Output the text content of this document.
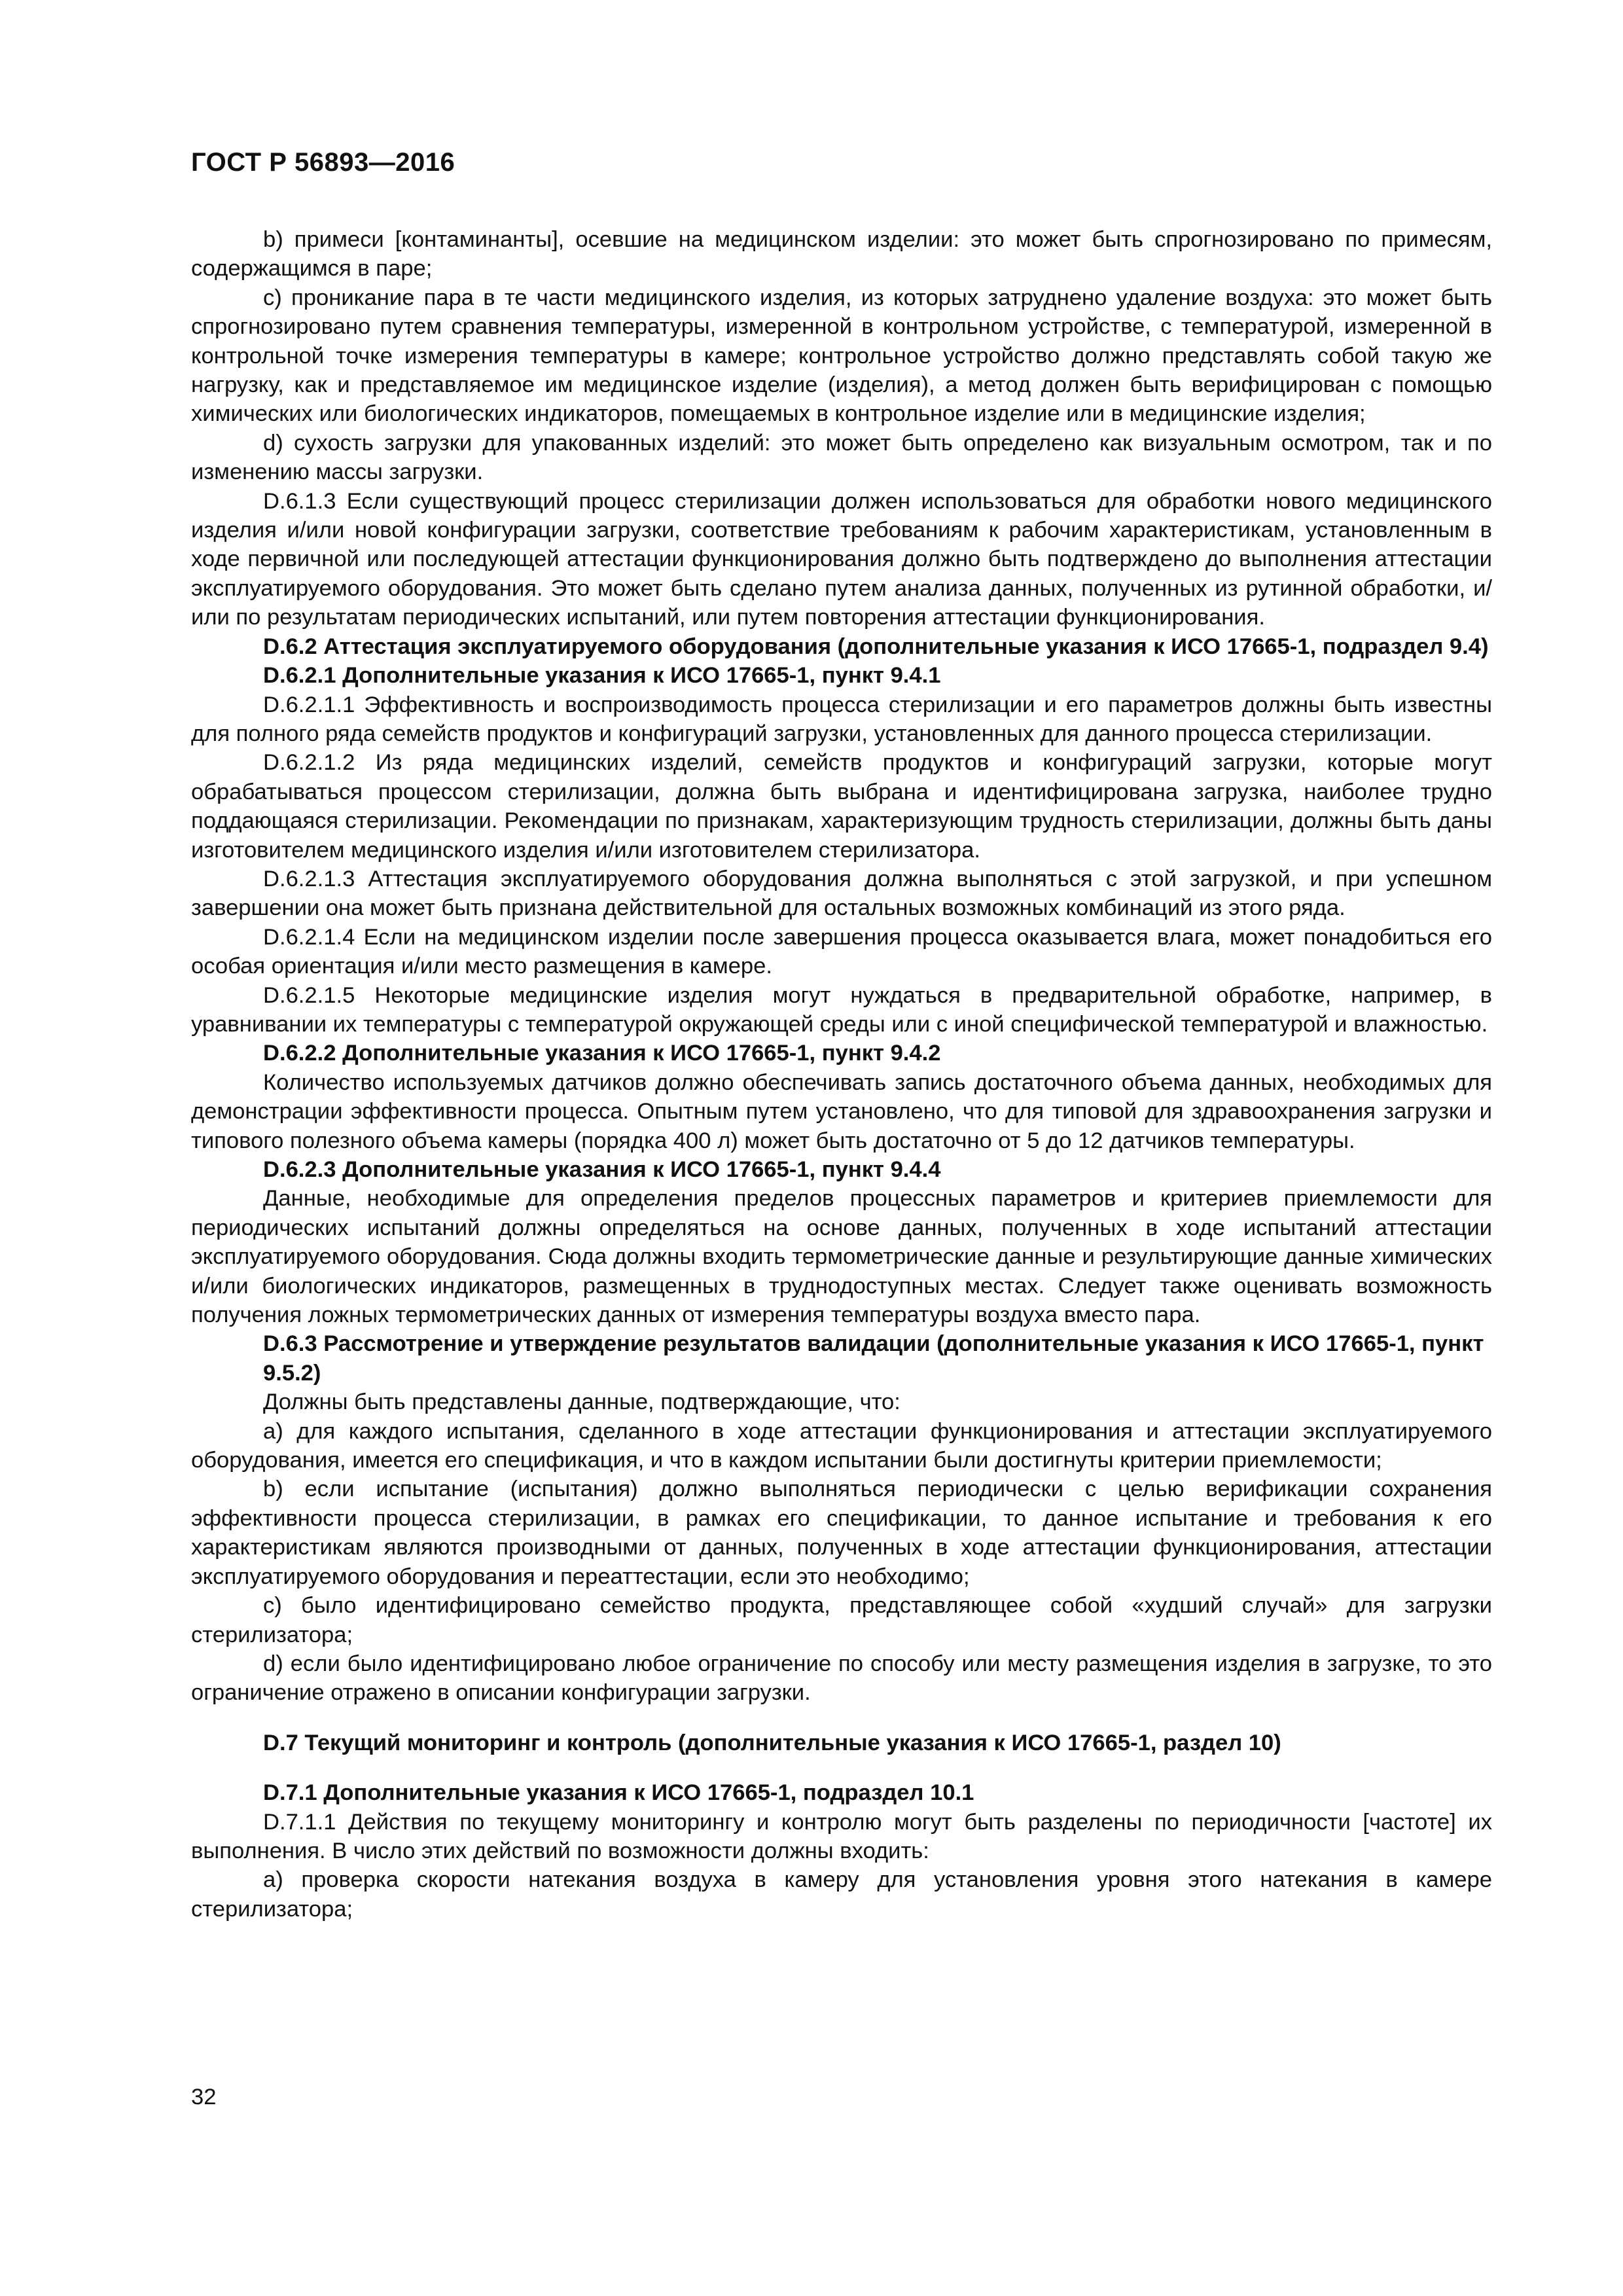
ГОСТ Р 56893—2016

b) примеси [контаминанты], осевшие на медицинском изделии: это может быть спрогнозировано по примесям, содержащимся в паре;

c) проникание пара в те части медицинского изделия, из которых затруднено удаление воздуха: это может быть спрогнозировано путем сравнения температуры, измеренной в контрольном устройстве, с температурой, измеренной в контрольной точке измерения температуры в камере; контрольное устройство должно представлять собой такую же нагрузку, как и представляемое им медицинское изделие (изделия), а метод должен быть верифицирован с помощью химических или биологических индикаторов, помещаемых в контрольное изделие или в медицинские изделия;

d) сухость загрузки для упакованных изделий: это может быть определено как визуальным осмотром, так и по изменению массы загрузки.

D.6.1.3 Если существующий процесс стерилизации должен использоваться для обработки нового медицинского изделия и/или новой конфигурации загрузки, соответствие требованиям к рабочим характеристикам, установленным в ходе первичной или последующей аттестации функционирования должно быть подтверждено до выполнения аттестации эксплуатируемого оборудования. Это может быть сделано путем анализа данных, полученных из рутинной обработки, и/или по результатам периодических испытаний, или путем повторения аттестации функционирования.

D.6.2 Аттестация эксплуатируемого оборудования (дополнительные указания к ИСО 17665-1, подраздел 9.4)

D.6.2.1 Дополнительные указания к ИСО 17665-1, пункт 9.4.1

D.6.2.1.1 Эффективность и воспроизводимость процесса стерилизации и его параметров должны быть известны для полного ряда семейств продуктов и конфигураций загрузки, установленных для данного процесса стерилизации.

D.6.2.1.2 Из ряда медицинских изделий, семейств продуктов и конфигураций загрузки, которые могут обрабатываться процессом стерилизации, должна быть выбрана и идентифицирована загрузка, наиболее трудно поддающаяся стерилизации. Рекомендации по признакам, характеризующим трудность стерилизации, должны быть даны изготовителем медицинского изделия и/или изготовителем стерилизатора.

D.6.2.1.3 Аттестация эксплуатируемого оборудования должна выполняться с этой загрузкой, и при успешном завершении она может быть признана действительной для остальных возможных комбинаций из этого ряда.

D.6.2.1.4 Если на медицинском изделии после завершения процесса оказывается влага, может понадобиться его особая ориентация и/или место размещения в камере.

D.6.2.1.5 Некоторые медицинские изделия могут нуждаться в предварительной обработке, например, в уравнивании их температуры с температурой окружающей среды или с иной специфической температурой и влажностью.

D.6.2.2 Дополнительные указания к ИСО 17665-1, пункт 9.4.2

Количество используемых датчиков должно обеспечивать запись достаточного объема данных, необходимых для демонстрации эффективности процесса. Опытным путем установлено, что для типовой для здравоохранения загрузки и типового полезного объема камеры (порядка 400 л) может быть достаточно от 5 до 12 датчиков температуры.

D.6.2.3 Дополнительные указания к ИСО 17665-1, пункт 9.4.4

Данные, необходимые для определения пределов процессных параметров и критериев приемлемости для периодических испытаний должны определяться на основе данных, полученных в ходе испытаний аттестации эксплуатируемого оборудования. Сюда должны входить термометрические данные и результирующие данные химических и/или биологических индикаторов, размещенных в труднодоступных местах. Следует также оценивать возможность получения ложных термометрических данных от измерения температуры воздуха вместо пара.

D.6.3 Рассмотрение и утверждение результатов валидации (дополнительные указания к ИСО 17665-1, пункт 9.5.2)

Должны быть представлены данные, подтверждающие, что:

a) для каждого испытания, сделанного в ходе аттестации функционирования и аттестации эксплуатируемого оборудования, имеется его спецификация, и что в каждом испытании были достигнуты критерии приемлемости;

b) если испытание (испытания) должно выполняться периодически с целью верификации сохранения эффективности процесса стерилизации, в рамках его спецификации, то данное испытание и требования к его характеристикам являются производными от данных, полученных в ходе аттестации функционирования, аттестации эксплуатируемого оборудования и переаттестации, если это необходимо;

c) было идентифицировано семейство продукта, представляющее собой «худший случай» для загрузки стерилизатора;

d) если было идентифицировано любое ограничение по способу или месту размещения изделия в загрузке, то это ограничение отражено в описании конфигурации загрузки.

D.7 Текущий мониторинг и контроль (дополнительные указания к ИСО 17665-1, раздел 10)

D.7.1 Дополнительные указания к ИСО 17665-1, подраздел 10.1

D.7.1.1 Действия по текущему мониторингу и контролю могут быть разделены по периодичности [частоте] их выполнения. В число этих действий по возможности должны входить:

a) проверка скорости натекания воздуха в камеру для установления уровня этого натекания в камере стерилизатора;

32
